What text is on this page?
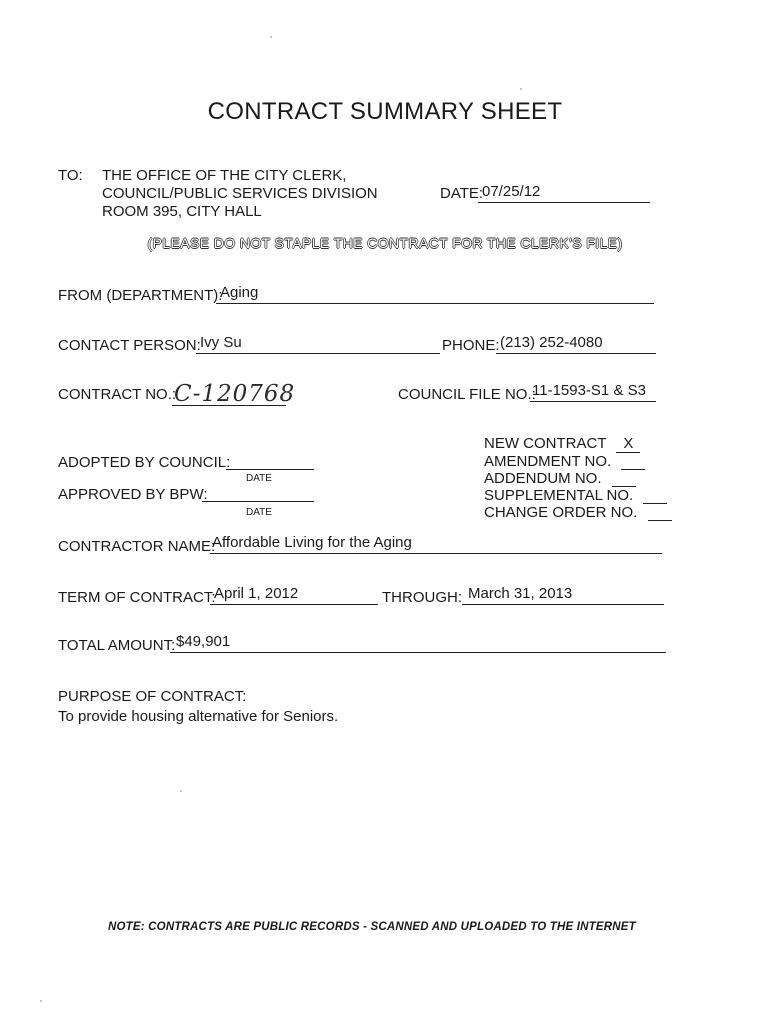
CONTRACT SUMMARY SHEET
TO: THE OFFICE OF THE CITY CLERK,
COUNCIL/PUBLIC SERVICES DIVISION
ROOM 395, CITY HALL
DATE:
07/25/12
(PLEASE DO NOT STAPLE THE CONTRACT FOR THE CLERK'S FILE)
FROM (DEPARTMENT):
Aging
CONTACT PERSON: Ivy Su	PHONE: (213) 252-4080
CONTRACT NO.:
C-120768	COUNCIL FILE NO.:
11-1593-S1 & S3
ADOPTED BY COUNCIL:
DATE
APPROVED BY BPW:
DATE
NEW CONTRACT X
AMENDMENT NO.
ADDENDUM NO.
SUPPLEMENTAL NO.
CHANGE ORDER NO.
CONTRACTOR NAME:
Affordable Living for the Aging
TERM OF CONTRACT:
April 1, 2012	THROUGH: March 31, 2013
TOTAL AMOUNT: $49,901
PURPOSE OF CONTRACT:
To provide housing alternative for Seniors.
NOTE: CONTRACTS ARE PUBLIC RECORDS - SCANNED AND UPLOADED TO THE INTERNET
